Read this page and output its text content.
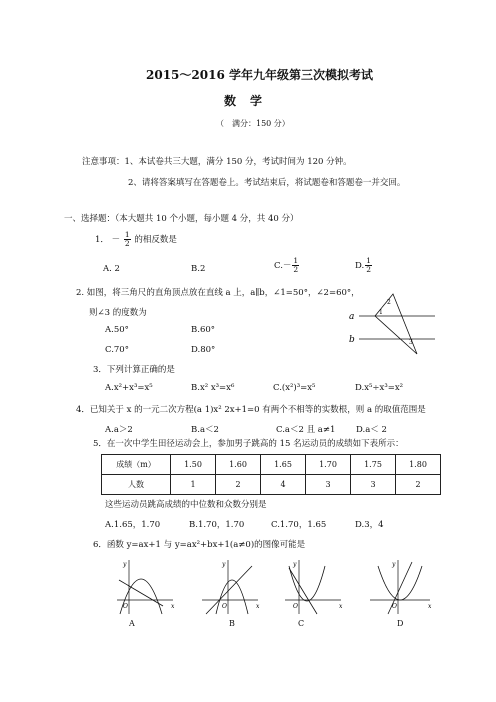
2015～2016 学年九年级第三次模拟考试
数学
（　满分：150 分）
注意事项：1、本试卷共三大题，满分 150 分，考试时间为 120 分钟。
2、请将答案填写在答题卷上。考试结束后，将试题卷和答题卷一并交回。
一、选择题：（本大题共 10 个小题，每小题 4 分，共 40 分）
1． － $\frac{1}{2}$ 的相反数是
A. 2	B.2	$C.- \frac{1}{2}$	D. $\frac{1}{2}$
2. 如图，将三角尺的直角顶点放在直线 a 上，a∥b，∠1=50°，∠2=60°，
则∠3 的度数为
A.50°	B.60°
C.70°	D.80°
a
b
1
2
3
3．下列计算正确的是
A.x²+x³=x⁵	B.x² x³=x⁶	C.(x²)³=x⁵	D.x⁵÷x³=x²
4．已知关于 x 的一元二次方程(a 1)x² 2x+1=0 有两个不相等的实数根，则 a 的取值范围是
A.a＞2	B.a＜2	C.a＜2 且 a≠1 D.a＜ 2
5．在一次中学生田径运动会上，参加男子跳高的 15 名运动员的成绩如下表所示：
成绩（m）	1.50	1.60	1.65	1.70	1.75	1.80
人数	1	2	4	3	3	2
这些运动员跳高成绩的中位数和众数分别是
A.1.65，1.70	B.1.70，1.70	C.1.70，1.65	D.3，4
6．函数 y=ax+1 与 y=ax²+bx+1(a≠0)的图像可能是
y
x
O
A
y
x
O
B
y
x
O
C
y
x
O
D
